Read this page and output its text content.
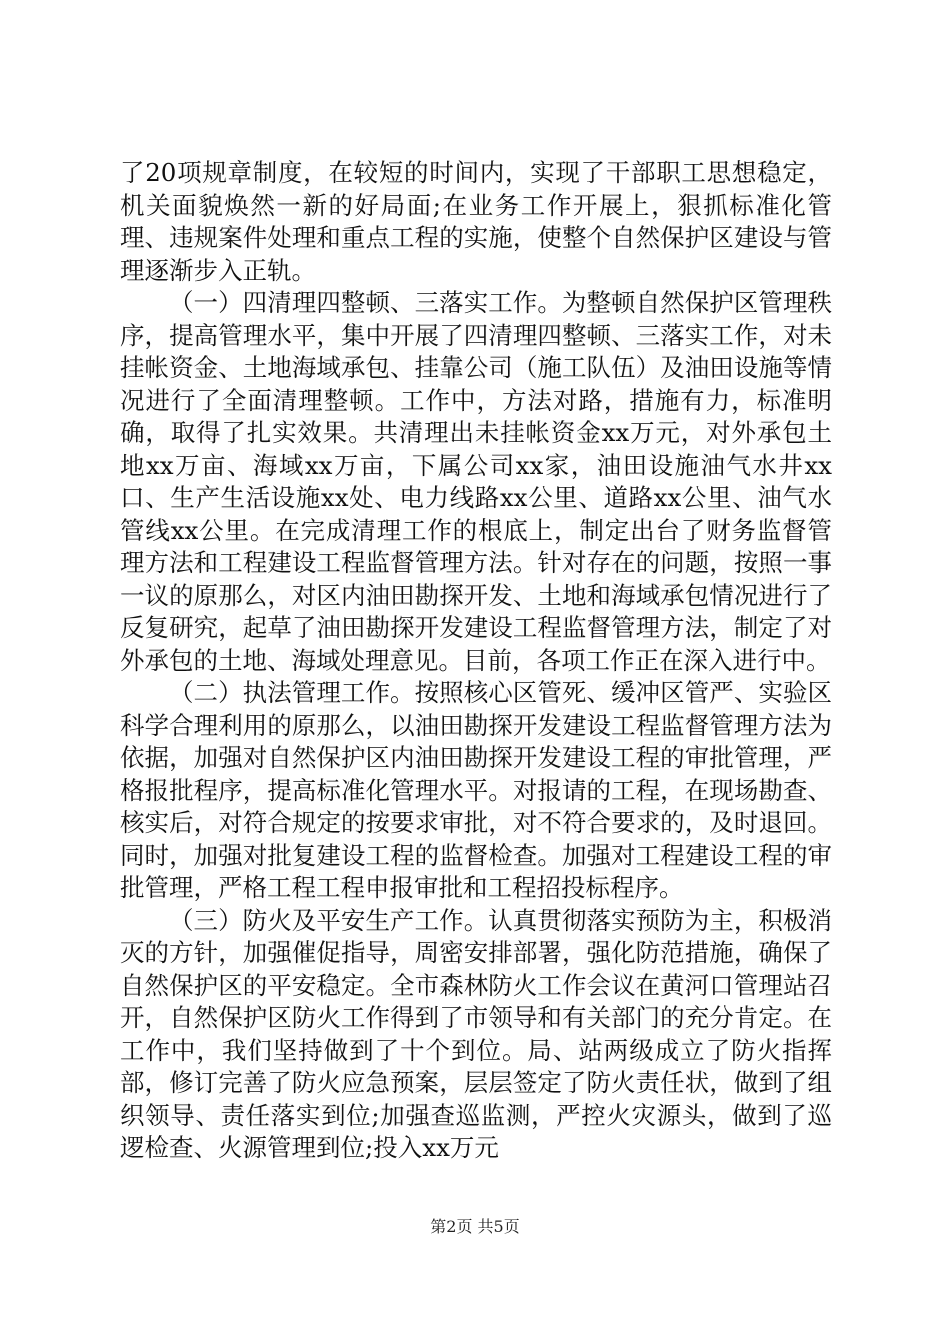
了20项规章制度，在较短的时间内，实现了干部职工思想稳定，机关面貌焕然一新的好局面;在业务工作开展上，狠抓标准化管理、违规案件处理和重点工程的实施，使整个自然保护区建设与管理逐渐步入正轨。

（一）四清理四整顿、三落实工作。为整顿自然保护区管理秩序，提高管理水平，集中开展了四清理四整顿、三落实工作，对未挂帐资金、土地海域承包、挂靠公司（施工队伍）及油田设施等情况进行了全面清理整顿。工作中，方法对路，措施有力，标准明确，取得了扎实效果。共清理出未挂帐资金xx万元，对外承包土地xx万亩、海域xx万亩，下属公司xx家，油田设施油气水井xx口、生产生活设施xx处、电力线路xx公里、道路xx公里、油气水管线xx公里。在完成清理工作的根底上，制定出台了财务监督管理方法和工程建设工程监督管理方法。针对存在的问题，按照一事一议的原那么，对区内油田勘探开发、土地和海域承包情况进行了反复研究，起草了油田勘探开发建设工程监督管理方法，制定了对外承包的土地、海域处理意见。目前，各项工作正在深入进行中。

（二）执法管理工作。按照核心区管死、缓冲区管严、实验区科学合理利用的原那么，以油田勘探开发建设工程监督管理方法为依据，加强对自然保护区内油田勘探开发建设工程的审批管理，严格报批程序，提高标准化管理水平。对报请的工程，在现场勘查、核实后，对符合规定的按要求审批，对不符合要求的，及时退回。同时，加强对批复建设工程的监督检查。加强对工程建设工程的审批管理，严格工程工程申报审批和工程招投标程序。

（三）防火及平安生产工作。认真贯彻落实预防为主，积极消灭的方针，加强催促指导，周密安排部署，强化防范措施，确保了自然保护区的平安稳定。全市森林防火工作会议在黄河口管理站召开，自然保护区防火工作得到了市领导和有关部门的充分肯定。在工作中，我们坚持做到了十个到位。局、站两级成立了防火指挥部，修订完善了防火应急预案，层层签定了防火责任状，做到了组织领导、责任落实到位;加强查巡监测，严控火灾源头，做到了巡逻检查、火源管理到位;投入xx万元

第2页 共5页
